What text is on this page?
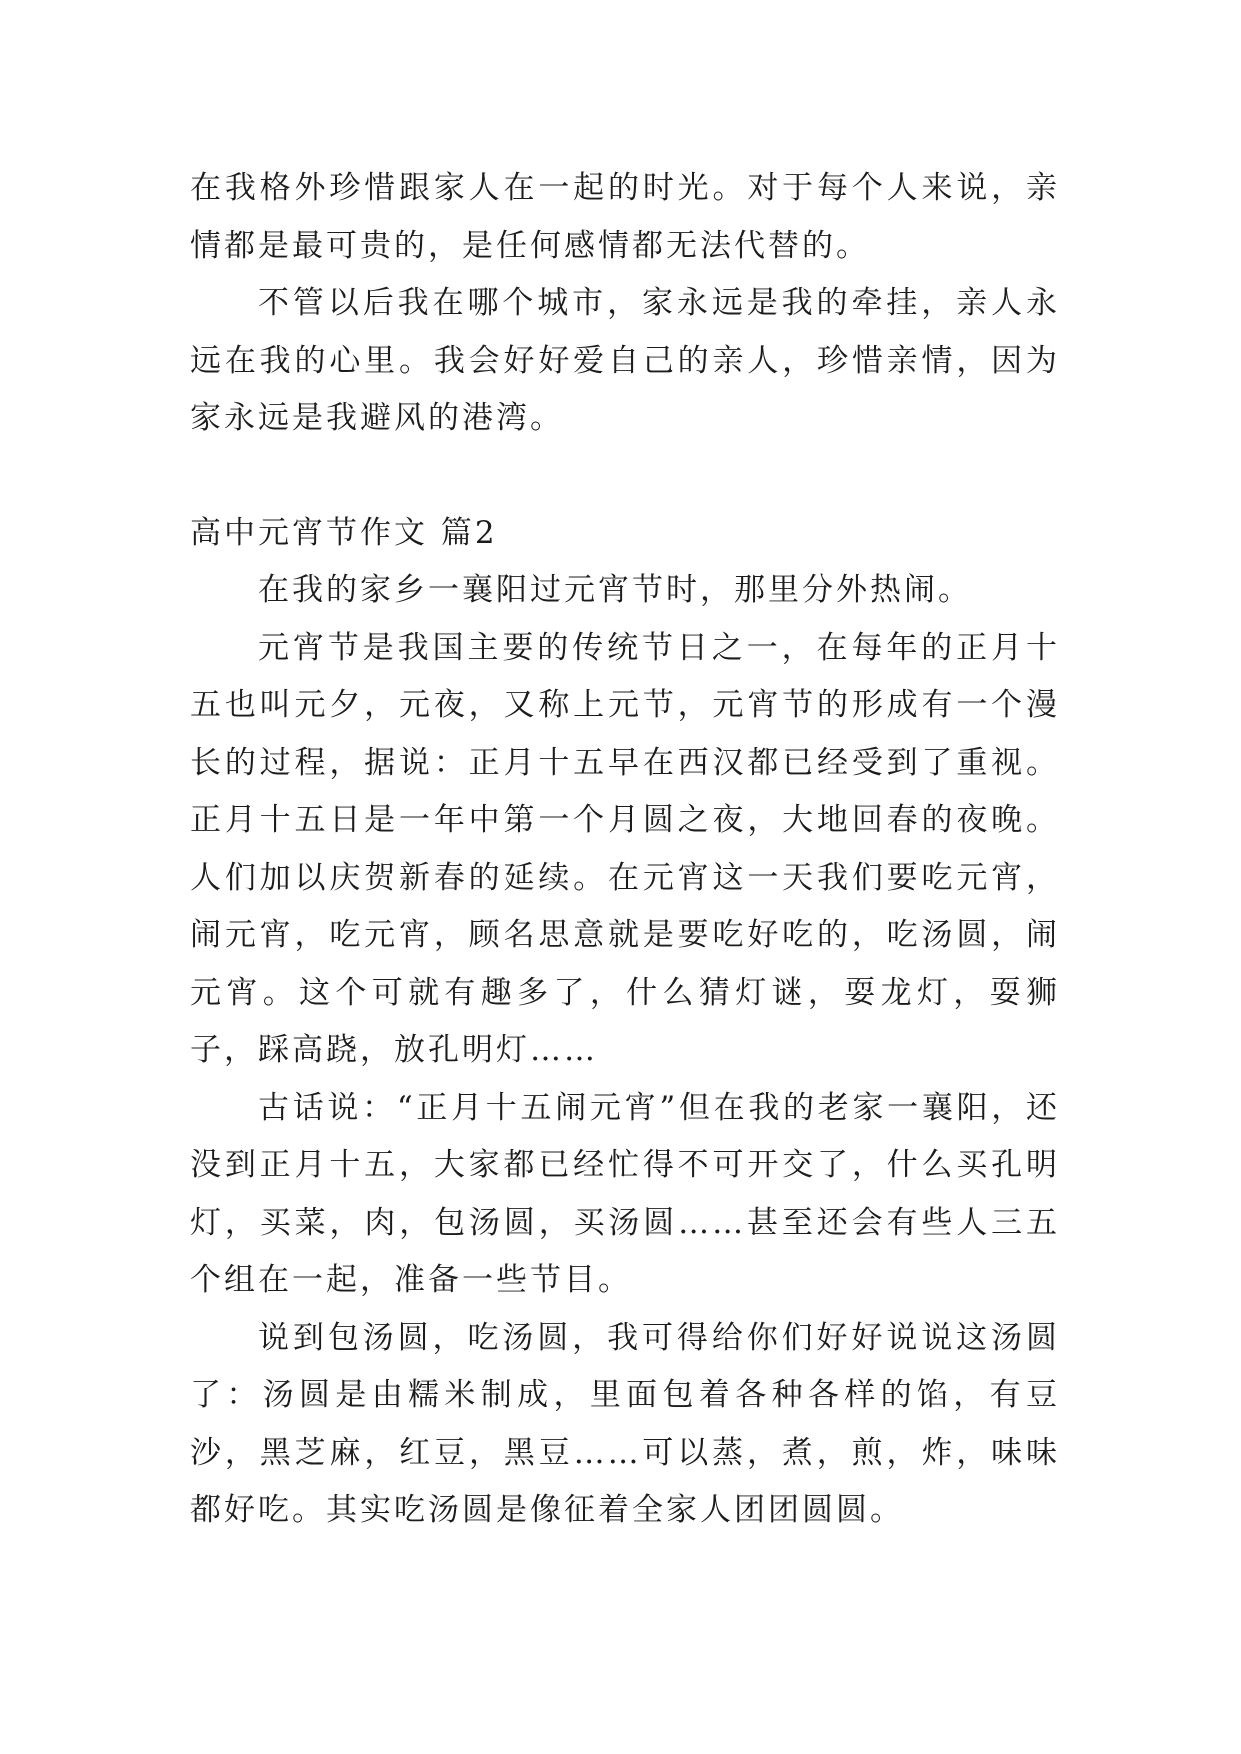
在我格外珍惜跟家人在一起的时光。对于每个人来说，亲情都是最可贵的，是任何感情都无法代替的。

不管以后我在哪个城市，家永远是我的牵挂，亲人永远在我的心里。我会好好爱自己的亲人，珍惜亲情，因为家永远是我避风的港湾。

高中元宵节作文 篇2

在我的家乡一襄阳过元宵节时，那里分外热闹。

元宵节是我国主要的传统节日之一，在每年的正月十五也叫元夕，元夜，又称上元节，元宵节的形成有一个漫长的过程，据说：正月十五早在西汉都已经受到了重视。正月十五日是一年中第一个月圆之夜，大地回春的夜晚。人们加以庆贺新春的延续。在元宵这一天我们要吃元宵，闹元宵，吃元宵，顾名思意就是要吃好吃的，吃汤圆，闹元宵。这个可就有趣多了，什么猜灯谜，耍龙灯，耍狮子，踩高跷，放孔明灯……

古话说：“正月十五闹元宵”但在我的老家一襄阳，还没到正月十五，大家都已经忙得不可开交了，什么买孔明灯，买菜，肉，包汤圆，买汤圆……甚至还会有些人三五个组在一起，准备一些节目。

说到包汤圆，吃汤圆，我可得给你们好好说说这汤圆了：汤圆是由糯米制成，里面包着各种各样的馅，有豆沙，黑芝麻，红豆，黑豆……可以蒸，煮，煎，炸，味味都好吃。其实吃汤圆是像征着全家人团团圆圆。
